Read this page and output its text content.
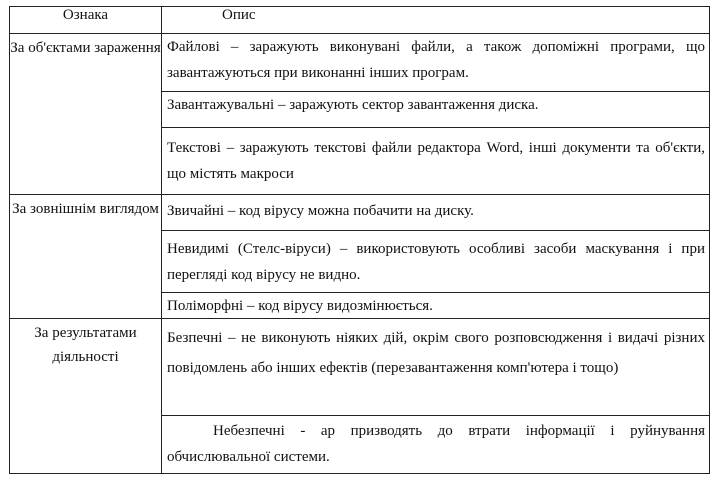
Ознака	Опис
За об'єктами зараження	Файлові – заражують виконувані файли, а також допоміжні програми, що завантажуються при виконанні інших програм.
Завантажувальні – заражують сектор завантаження диска.
Текстові – заражують текстові файли редактора Word, інші документи та об'єкти, що містять макроси

За зовнішнім виглядом	Звичайні – код вірусу можна побачити на диску.
Невидимі (Стелс-віруси) – використовують особливі засоби маскування і при перегляді код вірусу не видно.
Поліморфні – код вірусу видозмінюється.

За результатами діяльності	Безпечні – не виконують ніяких дій, окрім свого розповсюдження і видачі різних повідомлень або інших ефектів (перезавантаження комп'ютера і тощо)
Небезпечні - ар призводять до втрати інформації і руйнування обчислювальної системи.
